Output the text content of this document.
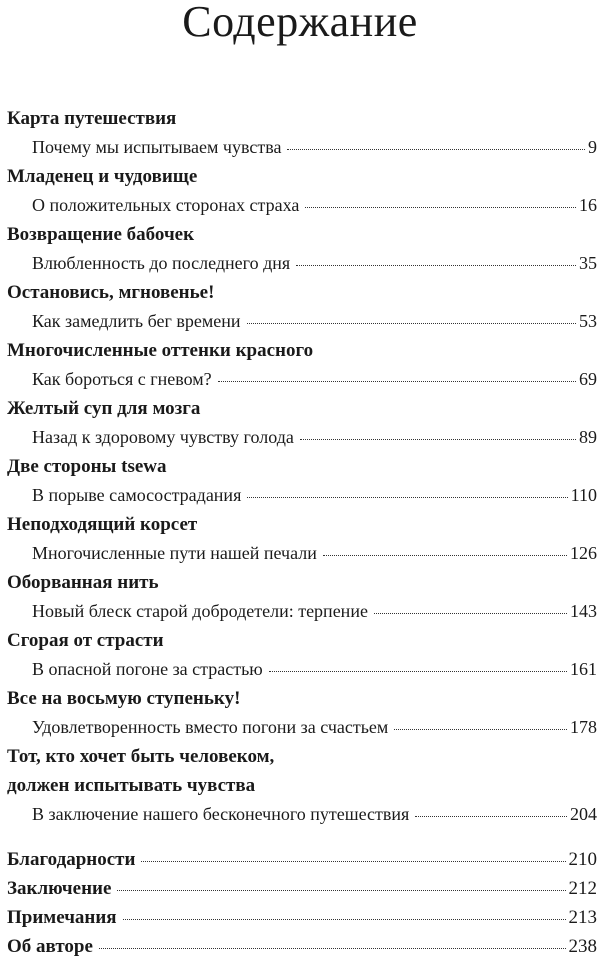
Содержание
Карта путешествия
Почему мы испытываем чувства	9
Младенец и чудовище
О положительных сторонах страха	16
Возвращение бабочек
Влюбленность до последнего дня	35
Остановись, мгновенье!
Как замедлить бег времени	53
Многочисленные оттенки красного
Как бороться с гневом?	69
Желтый суп для мозга
Назад к здоровому чувству голода	89
Две стороны tsewa
В порыве самосострадания	110
Неподходящий корсет
Многочисленные пути нашей печали	126
Оборванная нить
Новый блеск старой добродетели: терпение	143
Сгорая от страсти
В опасной погоне за страстью	161
Все на восьмую ступеньку!
Удовлетворенность вместо погони за счастьем	178
Тот, кто хочет быть человеком,
должен испытывать чувства
В заключение нашего бесконечного путешествия	204
Благодарности	210
Заключение	212
Примечания	213
Об авторе	238
